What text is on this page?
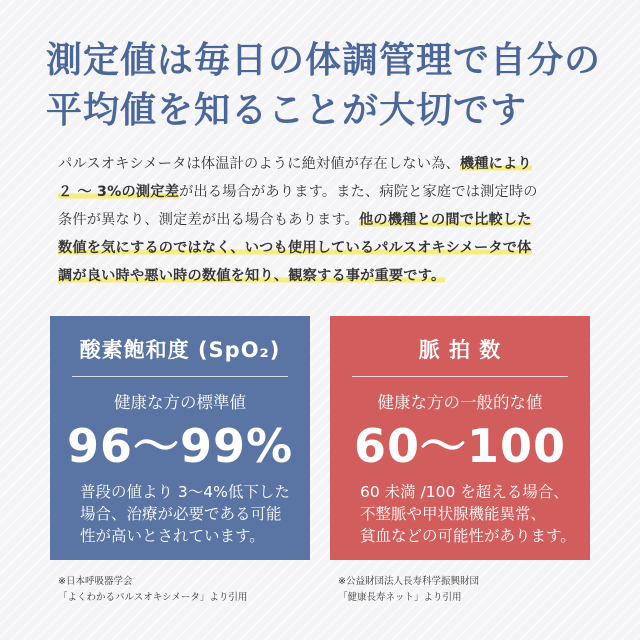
測定値は毎日の体調管理で自分の
平均値を知ることが大切です
パルスオキシメータは体温計のように絶対値が存在しない為、機種により
２ ～ 3%の測定差が出る場合があります。また、病院と家庭では測定時の
条件が異なり、測定差が出る場合もあります。他の機種との間で比較した
数値を気にするのではなく、いつも使用しているパルスオキシメータで体
調が良い時や悪い時の数値を知り、観察する事が重要です。
酸素飽和度 (SpO₂)
健康な方の標準値
96～99%
普段の値より 3～4%低下した
場合、治療が必要である可能
性が高いとされています。
脈 拍 数
健康な方の一般的な値
60～100
60 未満 /100 を超える場合、
不整脈や甲状腺機能異常、
貧血などの可能性があります。
※日本呼吸器学会
「よくわかるパルスオキシメータ」より引用
※公益財団法人長寿科学振興財団
「健康長寿ネット」より引用
